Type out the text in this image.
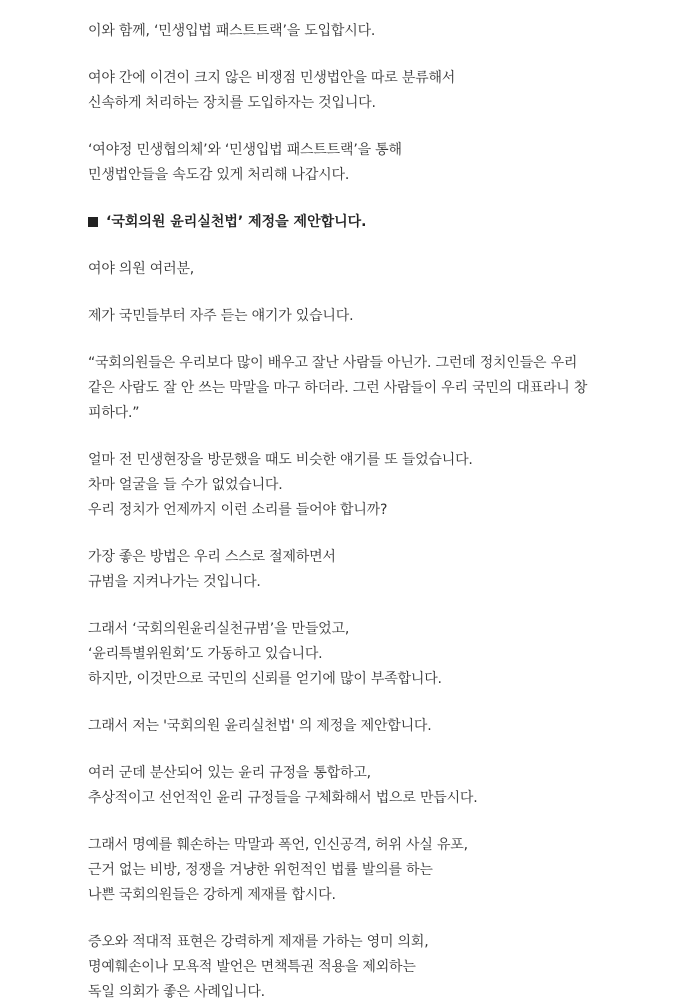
이와 함께, ‘민생입법 패스트트랙’을 도입합시다.

여야 간에 이견이 크지 않은 비쟁점 민생법안을 따로 분류해서
신속하게 처리하는 장치를 도입하자는 것입니다.

‘여야정 민생협의체’와 ‘민생입법 패스트트랙’을 통해
민생법안들을 속도감 있게 처리해 나갑시다.

‘국회의원 윤리실천법’ 제정을 제안합니다.

여야 의원 여러분,

제가 국민들부터 자주 듣는 얘기가 있습니다.

“국회의원들은 우리보다 많이 배우고 잘난 사람들 아닌가. 그런데 정치인들은 우리
같은 사람도 잘 안 쓰는 막말을 마구 하더라. 그런 사람들이 우리 국민의 대표라니 창
피하다.”

얼마 전 민생현장을 방문했을 때도 비슷한 얘기를 또 들었습니다.
차마 얼굴을 들 수가 없었습니다.
우리 정치가 언제까지 이런 소리를 들어야 합니까?

가장 좋은 방법은 우리 스스로 절제하면서
규범을 지켜나가는 것입니다.

그래서 ‘국회의원윤리실천규범’을 만들었고,
‘윤리특별위원회’도 가동하고 있습니다.
하지만, 이것만으로 국민의 신뢰를 얻기에 많이 부족합니다.

그래서 저는 '국회의원 윤리실천법' 의 제정을 제안합니다.

여러 군데 분산되어 있는 윤리 규정을 통합하고,
추상적이고 선언적인 윤리 규정들을 구체화해서 법으로 만듭시다.

그래서 명예를 훼손하는 막말과 폭언, 인신공격, 허위 사실 유포,
근거 없는 비방, 정쟁을 겨냥한 위헌적인 법률 발의를 하는
나쁜 국회의원들은 강하게 제재를 합시다.

증오와 적대적 표현은 강력하게 제재를 가하는 영미 의회,
명예훼손이나 모욕적 발언은 면책특권 적용을 제외하는
독일 의회가 좋은 사례입니다.
